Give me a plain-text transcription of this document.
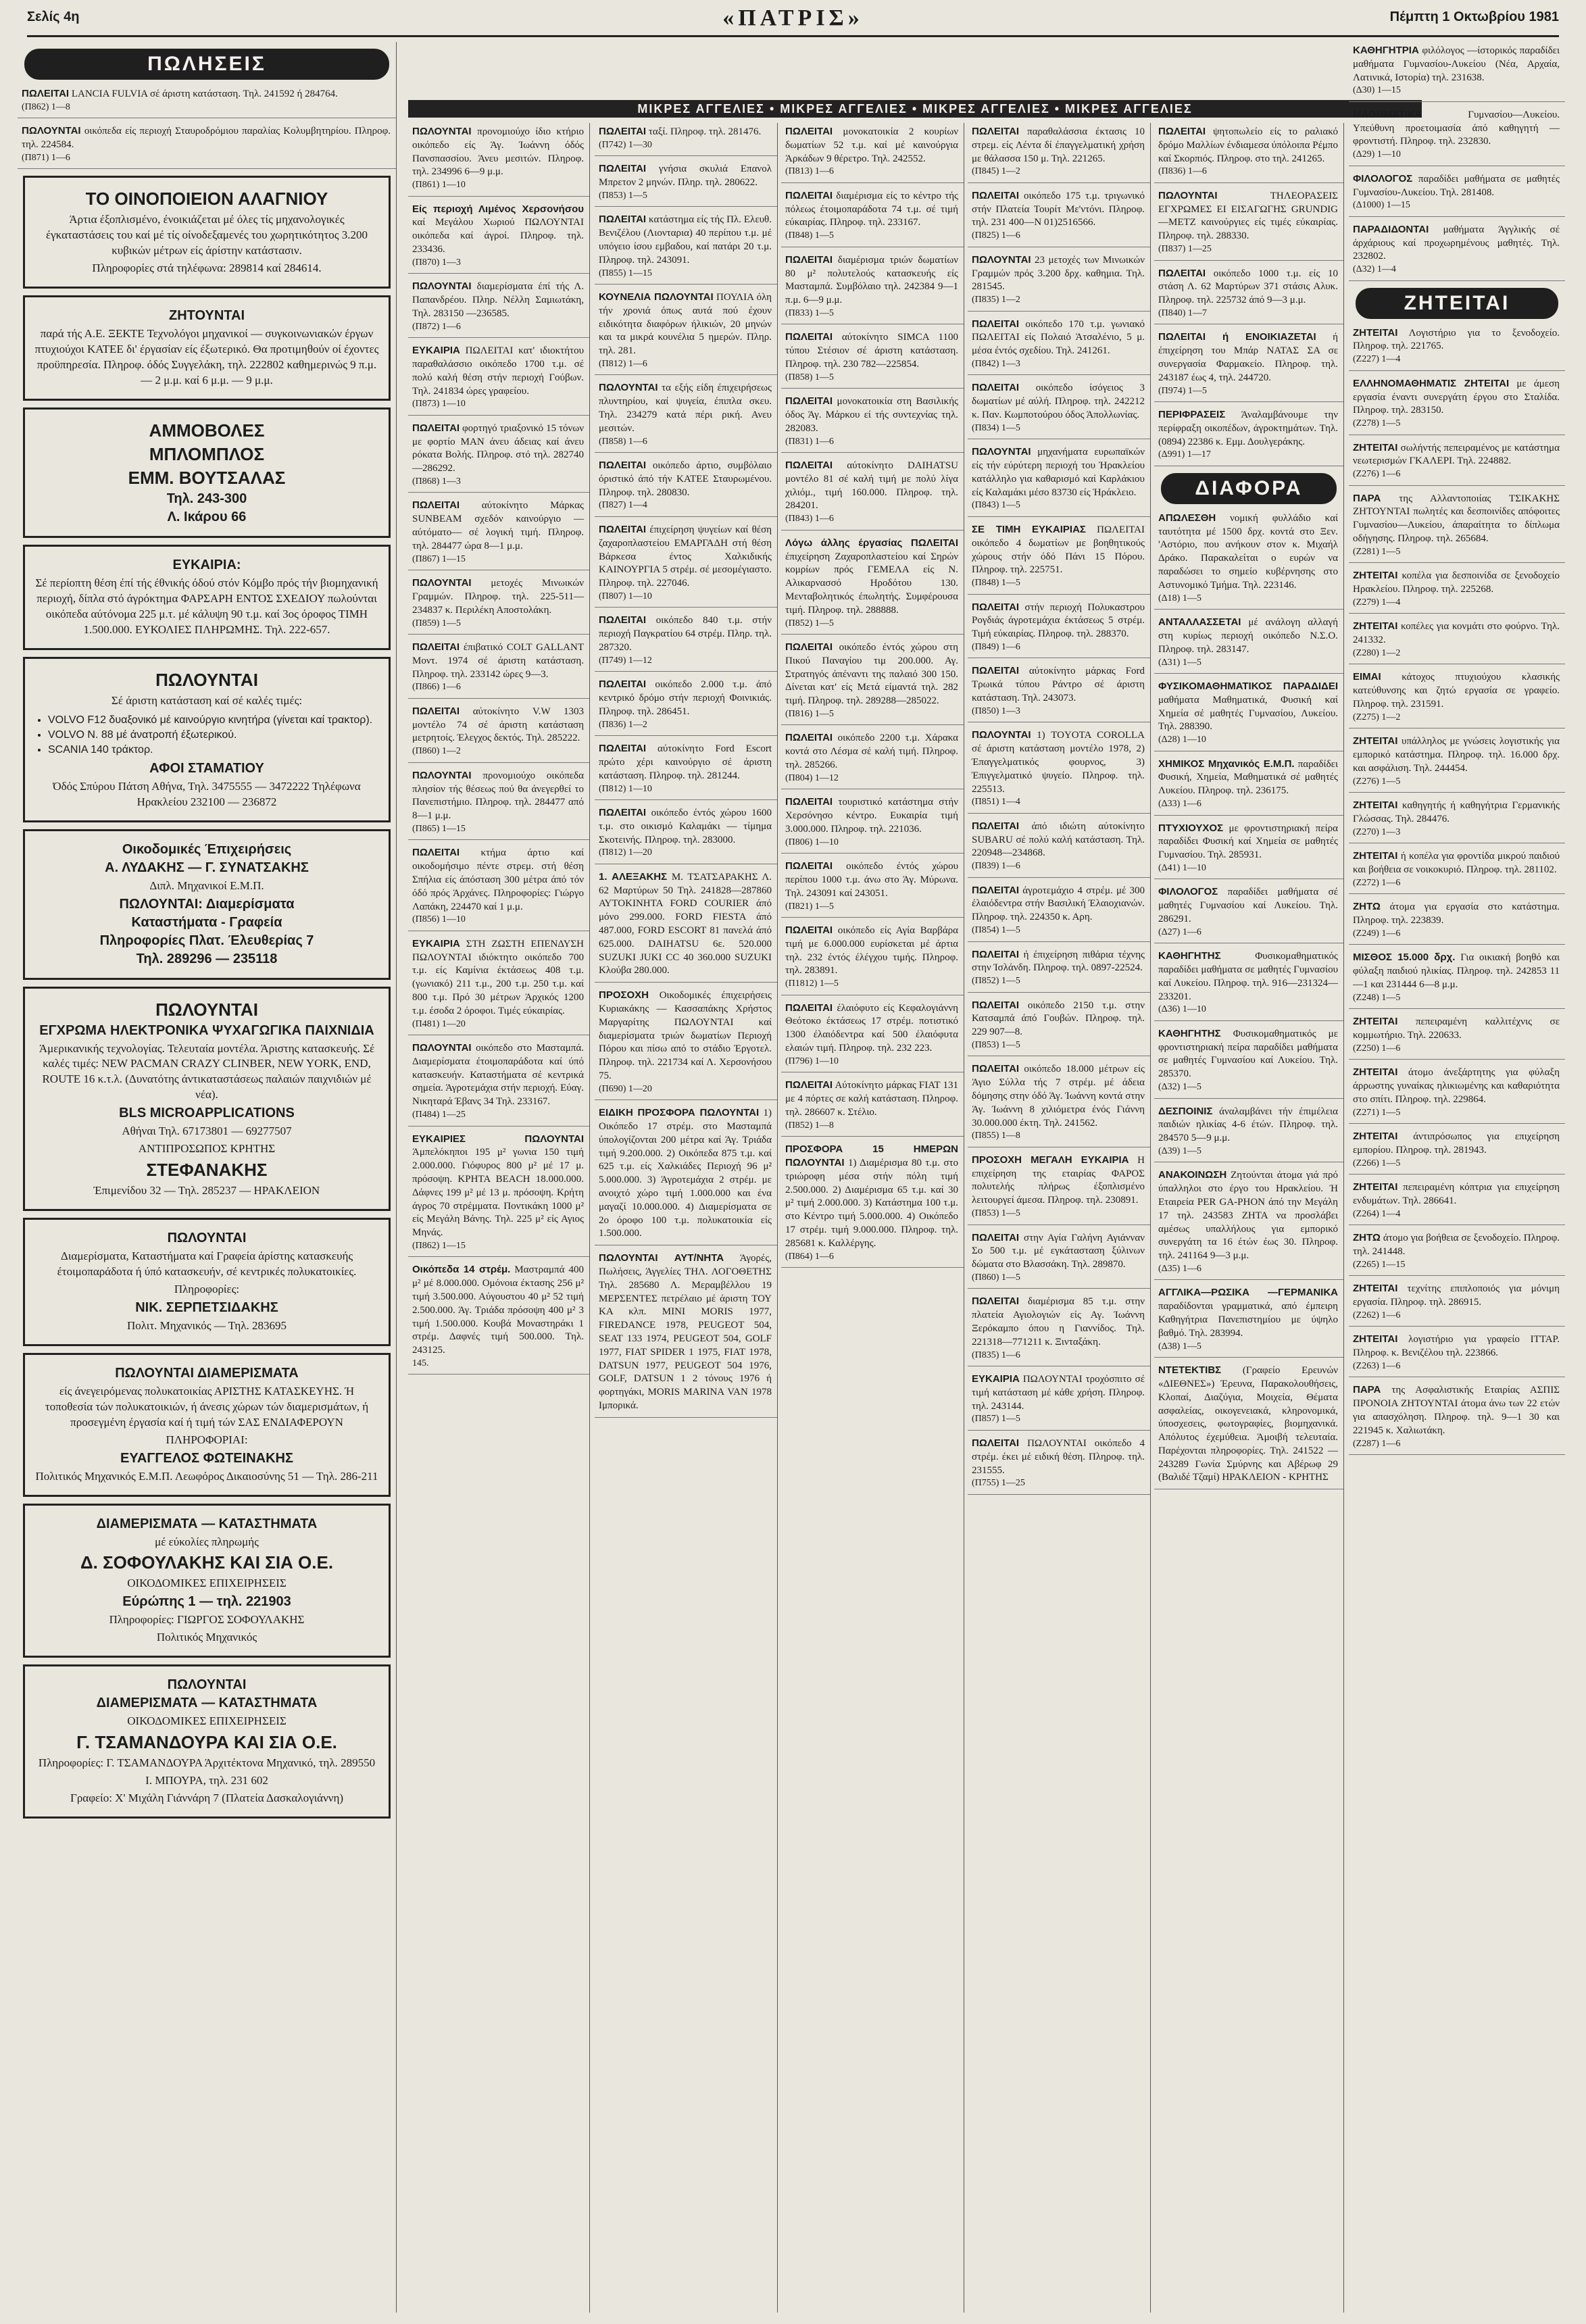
Σελίς 4η	«ΠΑΤΡΙΣ»	Πέμπτη 1 Οκτωβρίου 1981
ΠΩΛΗΣΕΙΣ
ΠΩΛΕΙΤΑΙ LANCIA FULVIA σέ άριστη κατάσταση. Τηλ. 241592 ή 284764.
(Π862) 1—8
ΠΩΛΟΥΝΤΑΙ οικόπεδα είς περιοχή Σταυροδρόμιου παραλίας Κολυμβητηρίου. Πληροφ. τηλ. 224584.
(Π871) 1—6
ΤΟ ΟΙΝΟΠΟΙΕΙΟΝ ΑΛΑΓΝΙΟΥ
Άρτια έξοπλισμένο, ένοικιάζεται μέ όλες τίς μηχανολογικές έγκαταστάσεις του καί μέ τίς οίνοδεξαμενές του χωρητικότητος 3.200 κυβικών μέτρων είς άρίστην κατάστασιν.
Πληροφορίες στά τηλέφωνα: 289814 καί 284614.
ΖΗΤΟΥΝΤΑΙ
παρά τής Α.Ε. ΞΕΚΤΕ Τεχνολόγοι μηχανικοί — συγκοινωνιακών έργων πτυχιούχοι ΚΑΤΕΕ δι' έργασίαν είς έξωτερικό. Θα προτιμηθούν οί έχοντες προϋπηρεσία. Πληροφ. όδός Συγγελάκη, τηλ. 222802 καθημερινώς 9 π.μ. — 2 μ.μ. καί 6 μ.μ. — 9 μ.μ.
ΑΜΜΟΒΟΛΕΣ
ΜΠΛΟΜΠΛΟΣ
ΕΜΜ. ΒΟΥΤΣΑΛΑΣ
Τηλ. 243-300
Λ. Ικάρου 66
ΕΥΚΑΙΡΙΑ:
Σέ περίοπτη θέση έπί τής έθνικής όδού στόν Κόμβο πρός τήν βιομηχανική περιοχή, δίπλα στό άγρόκτημα ΦΑΡΣΑΡΗ ΕΝΤΟΣ ΣΧΕΔΙΟΥ πωλούνται οικόπεδα αύτόνομα 225 μ.τ. μέ κάλυψη 90 τ.μ. καί 3ος όροφος ΤΙΜΗ 1.500.000. ΕΥΚΟΛΙΕΣ ΠΛΗΡΩΜΗΣ. Τηλ. 222-657.
ΠΩΛΟΥΝΤΑΙ
Σέ άριστη κατάσταση καί σέ καλές τιμές:
• VOLVO F12 δυαξονικό μέ καινούργιο κινητήρα (γίνεται καί τρακτορ).
• VOLVO N. 88 μέ άνατροπή έξωτερικού.
• SCANIA 140 τράκτορ.
ΑΦΟΙ ΣΤΑΜΑΤΙΟΥ
Όδός Σπύρου Πάτση Αθήνα, Τηλ. 3475555 — 3472222 Τηλέφωνα Ηρακλείου 232100 — 236872
Οικοδομικές Έπιχειρήσεις
Α. ΛΥΔΑΚΗΣ — Γ. ΣΥΝΑΤΣΑΚΗΣ
Διπλ. Μηχανικοί Ε.Μ.Π.
ΠΩΛΟΥΝΤΑΙ: Διαμερίσματα
Καταστήματα - Γραφεία
Πληροφορίες Πλατ. Έλευθερίας 7
Τηλ. 289296 — 235118
ΠΩΛΟΥΝΤΑΙ
ΕΓΧΡΩΜΑ ΗΛΕΚΤΡΟΝΙΚΑ ΨΥΧΑΓΩΓΙΚΑ ΠΑΙΧΝΙΔΙΑ
Άμερικανικής τεχνολογίας. Τελευταία μοντέλα. Άριστης κατασκευής. Σέ καλές τιμές: NEW PACMAN CRAZY CLINBER, NEW YORK, END, ROUTE 16 κ.τ.λ. (Δυνατότης άντικαταστάσεως παλαιών παιχνιδιών μέ νέα).
BLS MICROAPPLICATIONS
Αθήναι Τηλ. 67173801 — 69277507
ΑΝΤΙΠΡΟΣΩΠΟΣ ΚΡΗΤΗΣ
ΣΤΕΦΑΝΑΚΗΣ
Έπιμενίδου 32 — Τηλ. 285237 — ΗΡΑΚΛΕΙΟΝ
ΠΩΛΟΥΝΤΑΙ
Διαμερίσματα, Καταστήματα καί Γραφεία άρίστης κατασκευής έτοιμοπαράδοτα ή ύπό κατασκευήν, σέ κεντρικές πολυκατοικίες.
Πληροφορίες:
ΝΙΚ. ΣΕΡΠΕΤΣΙΔΑΚΗΣ
Πολιτ. Μηχανικός — Τηλ. 283695
ΠΩΛΟΥΝΤΑΙ ΔΙΑΜΕΡΙΣΜΑΤΑ
είς άνεγειρόμενας πολυκατοικίας ΑΡΙΣΤΗΣ ΚΑΤΑΣΚΕΥΗΣ. Ή τοποθεσία τών πολυκατοικιών, ή άνεσις χώρων τών διαμερισμάτων, ή προσεγμένη έργασία καί ή τιμή τών ΣΑΣ ΕΝΔΙΑΦΕΡΟΥΝ
ΠΛΗΡΟΦΟΡΙΑΙ:
ΕΥΑΓΓΕΛΟΣ ΦΩΤΕΙΝΑΚΗΣ
Πολιτικός Μηχανικός Ε.Μ.Π. Λεωφόρος Δικαιοσύνης 51 — Τηλ. 286-211
ΔΙΑΜΕΡΙΣΜΑΤΑ — ΚΑΤΑΣΤΗΜΑΤΑ
μέ εύκολίες πληρωμής
Δ. ΣΟΦΟΥΛΑΚΗΣ ΚΑΙ ΣΙΑ Ο.Ε.
ΟΙΚΟΔΟΜΙΚΕΣ ΕΠΙΧΕΙΡΗΣΕΙΣ
Εύρώπης 1 — τηλ. 221903
Πληροφορίες: ΓΙΩΡΓΟΣ ΣΟΦΟΥΛΑΚΗΣ
Πολιτικός Μηχανικός
ΠΩΛΟΥΝΤΑΙ
ΔΙΑΜΕΡΙΣΜΑΤΑ — ΚΑΤΑΣΤΗΜΑΤΑ
ΟΙΚΟΔΟΜΙΚΕΣ ΕΠΙΧΕΙΡΗΣΕΙΣ
Γ. ΤΣΑΜΑΝΔΟΥΡΑ ΚΑΙ ΣΙΑ Ο.Ε.
Πληροφορίες: Γ. ΤΣΑΜΑΝΔΟΥΡΑ Άρχιτέκτονα Μηχανικό, τηλ. 289550
Ι. ΜΠΟΥΡΑ, τηλ. 231 602
Γραφείο: Χ' Μιχάλη Γιάννάρη 7 (Πλατεία Δασκαλογιάννη)
ΜΙΚΡΕΣ ΑΓΓΕΛΙΕΣ • ΜΙΚΡΕΣ ΑΓΓΕΛΙΕΣ • ΜΙΚΡΕΣ ΑΓΓΕΛΙΕΣ • ΜΙΚΡΕΣ ΑΓΓΕΛΙΕΣ
ΠΩΛΟΥΝΤΑΙ προνομιούχο ίδιο κτήριο οικόπεδο είς Άγ. Ίωάννη όδός Πανσπασσίου. Άνευ μεσιτών. Πληροφ. τηλ. 234996 6—9 μ.μ.
(Π861) 1—10
Είς περιοχή Λιμένος Χερσονήσου καί Μεγάλου Χωριού ΠΩΛΟΥΝΤΑΙ οικόπεδα καί άγροί. Πληροφ. τηλ. 233436.
(Π870) 1—3
ΠΩΛΟΥΝΤΑΙ διαμερίσματα έπί τής Λ. Παπανδρέου. Πληρ. Νέλλη Σαμιωτάκη, Τηλ. 283150 —236585.
(Π872) 1—6
ΕΥΚΑΙΡΙΑ ΠΩΛΕΙΤΑΙ κατ' ιδιοκτήτου παραθαλάσσιο οικόπεδο 1700 τ.μ. σέ πολύ καλή θέση στήν περιοχή Γούβων. Τηλ. 241834 ώρες γραφείου.
(Π873) 1—10
ΠΩΛΕΙΤΑΙ φορτηγό τριαξονικό 15 τόνων με φορτίο MAN άνευ άδειας καί άνευ ρόκατα Βολής. Πληροφ. στό τηλ. 282740 —286292.
(Π868) 1—3
ΠΩΛΕΙΤΑΙ αύτοκίνητο Μάρκας SUNBEAM σχεδόν καινούργιο —αύτόματο— σέ λογική τιμή. Πληροφ. τηλ. 284477 ώρα 8—1 μ.μ.
(Π867) 1—15
ΠΩΛΟΥΝΤΑΙ μετοχές Μινωικών Γραμμών. Πληροφ. τηλ. 225-511—234837 κ. Περιλέκη Αποστολάκη.
(Π859) 1—5
ΠΩΛΕΙΤΑΙ έπιβατικό COLT GALLANT Μοντ. 1974 σέ άριστη κατάσταση. Πληροφ. τηλ. 233142 ώρες 9—3.
(Π866) 1—6
ΠΩΛΕΙΤΑΙ αύτοκίνητο V.W 1303 μοντέλο 74 σέ άριστη κατάσταση μετρητοίς. Έλεγχος δεκτός. Τηλ. 285222.
(Π860) 1—2
ΠΩΛΟΥΝΤΑΙ προνομιούχο οικόπεδα πλησίον τής θέσεως πού θα άνεγερθεί το Πανεπιστήμιο. Πληροφ. τηλ. 284477 από 8—1 μ.μ.
(Π865) 1—15
ΠΩΛΕΙΤΑΙ κτήμα άρτιο καί οικοδομήσιμο πέντε στρεμ. στή θέση Σπήλια είς άπόσταση 300 μέτρα άπό τόν όδό πρός Άρχάνες. Πληροφορίες: Γιώργο Λαπάκη, 224470 καί 1 μ.μ.
(Π856) 1—10
ΕΥΚΑΙΡΙΑ ΣΤΗ ΖΩΣΤΗ ΕΠΕΝΔΥΣΗ ΠΩΛΟΥΝΤΑΙ ιδιόκτητο οικόπεδο 700 τ.μ. είς Καμίνια έκτάσεως 408 τ.μ. (γωνιακό) 211 τ.μ., 200 τ.μ. 250 τ.μ. καί 800 τ.μ. Πρό 30 μέτρων Άρχικός 1200 τ.μ. έσοδα 2 όροφοι. Τιμές εύκαιρίας.
(Π481) 1—20
ΠΩΛΟΥΝΤΑΙ οικόπεδο στο Μασταμπά. Διαμερίσματα έτοιμοπαράδοτα καί ύπό κατασκευήν. Καταστήματα σέ κεντρικά σημεία. Άγροτεμάχια στήν περιοχή. Εύαγ. Νικηταρά Έβανς 34 Τηλ. 233167.
(Π484) 1—25
ΕΥΚΑΙΡΙΕΣ ΠΩΛΟΥΝΤΑΙ Άμπελόκηποι 195 μ² γωνια 150 τιμή 2.000.000. Γιόφυρος 800 μ² μέ 17 μ. πρόσοψη. ΚΡΗΤΑ BEACH 18.000.000. Δάφνες 199 μ² μέ 13 μ. πρόσοψη. Κρήτη άγρος 70 στρέμματα. Ποντικάκη 1000 μ² είς Μεγάλη Βάνης. Τηλ. 225 μ² είς Αγιος Μηνάς.
(Π862) 1—15
Οικόπεδα 14 στρέμ. Μαστραμπά 400 μ² μέ 8.000.000. Ομόνοια έκτασης 256 μ² τιμή 3.500.000. Αύγουστου 40 μ² 52 τιμή 2.500.000. Άγ. Τριάδα πρόσοψη 400 μ² 3 τιμή 1.500.000. Κουβά Μοναστηράκι 1 στρέμ. Δαφνές τιμή 500.000. Τηλ. 243125.
145.
ΠΩΛΕΙΤΑΙ ταξί. Πληροφ. τηλ. 281476.
(Π742) 1—30
ΠΩΛΕΙΤΑΙ γνήσια σκυλιά Επανολ Μπρετον 2 μηνών. Πληρ. τηλ. 280622.
(Π853) 1—5
ΠΩΛΕΙΤΑΙ κατάστημα είς τής Πλ. Ελευθ. Βενιζέλου (Λιονταρια) 40 περίπου τ.μ. μέ υπόγειο ίσου εμβαδου, καί πατάρι 20 τ.μ. Πληροφ. τηλ. 243091.
(Π855) 1—15
ΚΟΥΝΕΛΙΑ ΠΩΛΟΥΝΤΑΙ ΠΟΥΛΙΑ όλη τήν χρονιά όπως αυτά πού έχουν ειδικότητα διαφόρων ήλικιών, 20 μηνών και τα μικρά κουνέλια 5 ημερών. Πληρ. τηλ. 281.
(Π812) 1—6
ΠΩΛΟΥΝΤΑΙ τα εξής είδη έπιχειρήσεως πλυντηρίου, καί ψυγεία, έπιπλα σκευ. Τηλ. 234279 κατά πέρι ρική. Ανευ μεσιτών.
(Π858) 1—6
ΠΩΛΕΙΤΑΙ οικόπεδο άρτιο, συμβόλαιο όριστικό άπό τήν ΚΑΤΕΕ Σταυρωμένου. Πληροφ. τηλ. 280830.
(Π827) 1—4
ΠΩΛΕΙΤΑΙ έπιχείρηση ψυγείων καί θέση ζαχαροπλαστείου ΕΜΑΡΓΑΔΗ στή θέση Βάρκεσα έντος Χαλκιδικής ΚΑΙΝΟΥΡΓΙΑ 5 στρέμ. σέ μεσομέγιαστο. Πληροφ. τηλ. 227046.
(Π807) 1—10
ΠΩΛΕΙΤΑΙ οικόπεδο 840 τ.μ. στήν περιοχή Παγκρατίου 64 στρέμ. Πληρ. τηλ. 287320.
(Π749) 1—12
ΠΩΛΕΙΤΑΙ οικόπεδο 2.000 τ.μ. άπό κεντρικό δρόμο στήν περιοχή Φοινικιάς. Πληροφ. τηλ. 286451.
(Π836) 1—2
ΠΩΛΕΙΤΑΙ αύτοκίνητο Ford Escort πρώτο χέρι καινούργιο σέ άριστη κατάσταση. Πληροφ. τηλ. 281244.
(Π812) 1—10
ΠΩΛΕΙΤΑΙ οικόπεδο έντός χώρου 1600 τ.μ. στο οικισμό Καλαμάκι — τίμημα Σκοτεινής. Πληροφ. τηλ. 283000.
(Π812) 1—20
1. ΑΛΕΞΑΚΗΣ Μ. ΤΣΑΤΣΑΡΑΚΗΣ Λ. 62 Μαρτύρων 50 Τηλ. 241828—287860 ΑΥΤΟΚΙΝΗΤΑ FORD COURIER άπό μόνο 299.000. FORD FIESTA άπό 487.000, FORD ESCORT 81 πανελά άπό 625.000. DAIHATSU 6ε. 520.000 SUZUKI JUKI CC 40 360.000 SUZUKI Κλούβα 280.000.
ΠΡΟΣΟΧΗ Οικοδομικές έπιχειρήσεις Κυριακάκης — Κασσαπάκης Χρήστος Μαργαρίτης ΠΩΛΟΥΝΤΑΙ καί διαμερίσματα τριών δωματίων Περιοχή Πόρου και πίσω από το στάδιο Έργοτελ. Πληροφ. τηλ. 221734 καί Λ. Χερσονήσου 75.
(Π690) 1—20
ΕΙΔΙΚΗ ΠΡΟΣΦΟΡΑ ΠΩΛΟΥΝΤΑΙ 1) Οικόπεδο 17 στρέμ. στο Μασταμπά ύπολογίζονται 200 μέτρα καί Άγ. Τριάδα τιμή 9.200.000. 2) Οικόπεδα 875 τ.μ. καί 625 τ.μ. είς Χαλκιάδες Περιοχή 96 μ² 5.000.000. 3) Άγροτεμάχια 2 στρέμ. με ανοιχτό χώρο τιμή 1.000.000 και ένα μαγαζί 10.000.000. 4) Διαμερίσματα σε 2ο όροφο 100 τ.μ. πολυκατοικία είς 1.500.000.
ΠΩΛΟΥΝΤΑΙ ΑΥΤ/ΝΗΤΑ Άγορές, Πωλήσεις, Άγγελίες ΤΗΛ. ΛΟΓΟΘΕΤΗΣ Τηλ. 285680 Λ. Μεραμβέλλου 19 ΜΕΡΣΕΝΤΕΣ πετρέλαιο μέ άριστη ΤΟΥ ΚΑ κλπ. ΜΙΝΙ MORIS 1977, FIREDANCE 1978, PEUGEOT 504, SEAT 133 1974, PEUGEOT 504, GOLF 1977, FIAT SPIDER 1 1975, FIAT 1978, DATSUN 1977, PEUGEOT 504 1976, GOLF, DATSUN 1 2 τόνους 1976 ή φορτηγάκι, MORIS MARINA VAN 1978 Ιμπορικά.
ΠΩΛΕΙΤΑΙ μονοκατοικία 2 κουρίων δωματίων 52 τ.μ. καί μέ καινούργια Άρκάδων 9 θέρετρο. Τηλ. 242552.
(Π813) 1—6
ΠΩΛΕΙΤΑΙ διαμέρισμα είς το κέντρο τής πόλεως έτοιμοπαράδοτα 74 τ.μ. σέ τιμή εύκαιρίας. Πληροφ. τηλ. 233167.
(Π848) 1—5
ΠΩΛΕΙΤΑΙ διαμέρισμα τριών δωματίων 80 μ² πολυτελούς κατασκευής είς Μασταμπά. Συμβόλαιο τηλ. 242384 9—1 π.μ. 6—9 μ.μ.
(Π833) 1—5
ΠΩΛΕΙΤΑΙ αύτοκίνητο SIMCA 1100 τύπου Στέσιον σέ άριστη κατάσταση. Πληροφ. τηλ. 230 782—225854.
(Π858) 1—5
ΠΩΛΕΙΤΑΙ μονοκατοικία στη Βασιλικής όδος Άγ. Μάρκου εί τής συντεχνίας τηλ. 282083.
(Π831) 1—6
ΠΩΛΕΙΤΑΙ αύτοκίνητο DAIHATSU μοντέλο 81 σέ καλή τιμή με πολύ λίγα χιλιόμ., τιμή 160.000. Πληροφ. τηλ. 284201.
(Π843) 1—6
Λόγω άλλης έργασίας ΠΩΛΕΙΤΑΙ έπιχείρηση Ζαχαροπλαστείου καί Σηρών κομρίων πρός ΓΕΜΕΛΑ είς Ν. Αλικαρνασσό Ηροδότου 130. Μενταβολητικός έπωλητής. Συμφέρουσα τιμή. Πληροφ. τηλ. 288888.
(Π852) 1—5
ΠΩΛΕΙΤΑΙ οικόπεδο έντός χώρου στη Πικού Παναγίου τιμ 200.000. Αγ. Στρατηγός άπέναντι της παλαιό 300 150. Δίνεται κατ' είς Μετά είμαντά τηλ. 282 τιμή. Πληροφ. τηλ. 289288—285022.
(Π816) 1—5
ΠΩΛΕΙΤΑΙ οικόπεδο 2200 τ.μ. Χάρακα κοντά στο Λέσμα σέ καλή τιμή. Πληροφ. τηλ. 285266.
(Π804) 1—12
ΠΩΛΕΙΤΑΙ τουριστικό κατάστημα στήν Χερσόνησο κέντρο. Ευκαιρία τιμή 3.000.000. Πληροφ. τηλ. 221036.
(Π806) 1—10
ΠΩΛΕΙΤΑΙ οικόπεδο έντός χώρου περίπου 1000 τ.μ. άνω στο Άγ. Μύρωνα. Τηλ. 243091 καί 243051.
(Π821) 1—5
ΠΩΛΕΙΤΑΙ οικόπεδο είς Αγία Βαρβάρα τιμή με 6.000.000 ευρίσκεται μέ άρτια τηλ. 232 έντός έλέγχου τιμής. Πληροφ. τηλ. 283891.
(Π1812) 1—5
ΠΩΛΕΙΤΑΙ έλαιόφυτο είς Κεφαλογιάννη Θεότοκο έκτάσεως 17 στρέμ. ποτιστικό 1300 έλαιόδεντρα καί 500 έλαιόφυτα ελαιών τιμή. Πληροφ. τηλ. 232 223.
(Π796) 1—10
ΠΩΛΕΙΤΑΙ Αύτοκίνητο μάρκας FIAT 131 με 4 πόρτες σε καλή κατάσταση. Πληροφ. τηλ. 286607 κ. Στέλιο.
(Π852) 1—8
ΠΡΟΣΦΟΡΑ 15 ΗΜΕΡΩΝ ΠΩΛΟΥΝΤΑΙ 1) Διαμέρισμα 80 τ.μ. στο τριώροφη μέσα στήν πόλη τιμή 2.500.000. 2) Διαμέρισμα 65 τ.μ. καί 30 μ² τιμή 2.000.000. 3) Κατάστημα 100 τ.μ. στο Κέντρο τιμή 5.000.000. 4) Οικόπεδο 17 στρέμ. τιμή 9.000.000. Πληροφ. τηλ. 285681 κ. Καλλέργης.
(Π864) 1—6
ΠΩΛΕΙΤΑΙ παραθαλάσσια έκτασις 10 στρεμ. είς Λέντα δί έπαγγελματική χρήση με θάλασσα 150 μ. Τηλ. 221265.
(Π845) 1—2
ΠΩΛΕΙΤΑΙ οικόπεδο 175 τ.μ. τριγωνικό στήν Πλατεία Τουρίτ Με'ντόνι. Πληροφ. τηλ. 231 400—Ν 01)2516566.
(Π825) 1—6
ΠΩΛΟΥΝΤΑΙ 23 μετοχές των Μινωικών Γραμμών πρός 3.200 δρχ. καθημια. Τηλ. 281545.
(Π835) 1—2
ΠΩΛΕΙΤΑΙ οικόπεδο 170 τ.μ. γωνιακό ΠΩΛΕΙΤΑΙ είς Πολαιό Άτσαλένιο, 5 μ. μέσα έντός σχεδίου. Τηλ. 241261.
(Π842) 1—3
ΠΩΛΕΙΤΑΙ οικόπεδο ίσόγειος 3 δωματίων μέ αύλή. Πληροφ. τηλ. 242212 κ. Παν. Κωμποτούρου όδος Άπολλωνίας.
(Π834) 1—5
ΠΩΛΟΥΝΤΑΙ μηχανήματα ευρωπαϊκών είς τήν εύρύτερη περιοχή του Ήρακλείου κατάλληλο για καθαρισμό καί Καρλάκιου είς Καλαμάκι μέσο 83730 είς Ήράκλειο.
(Π843) 1—5
ΣΕ ΤΙΜΗ ΕΥΚΑΙΡΙΑΣ ΠΩΛΕΙΤΑΙ οικόπεδο 4 δωματίων με βοηθητικούς χώρους στήν όδό Πάνι 15 Πόρου. Πληροφ. τηλ. 225751.
(Π848) 1—5
ΠΩΛΕΙΤΑΙ στήν περιοχή Πολυκαστρου Ρογδιάς άγροτεμάχια έκτάσεως 5 στρέμ. Τιμή εύκαιρίας. Πληροφ. τηλ. 288370.
(Π849) 1—6
ΠΩΛΕΙΤΑΙ αύτοκίνητο μάρκας Ford Τρωικά τύπου Ράντρο σέ άριστη κατάσταση. Τηλ. 243073.
(Π850) 1—3
ΠΩΛΟΥΝΤΑΙ 1) TOYOTA COROLLA σέ άριστη κατάσταση μοντέλο 1978, 2) Έπαγγελματικός φουρνος, 3) Έπιγγελματικό ψυγείο. Πληροφ. τηλ. 225513.
(Π851) 1—4
ΠΩΛΕΙΤΑΙ άπό ιδιώτη αύτοκίνητο SUBARU σέ πολύ καλή κατάσταση. Τηλ. 220948—234868.
(Π839) 1—6
ΠΩΛΕΙΤΑΙ άγροτεμάχιο 4 στρέμ. μέ 300 έλαιόδεντρα στήν Βασιλική Έλαιοχιανών. Πληροφ. τηλ. 224350 κ. Αρη.
(Π854) 1—5
ΠΩΛΕΙΤΑΙ ή έπιχείρηση πιθάρια τέχνης στην Ίσλάνδη. Πληροφ. τηλ. 0897-22524.
(Π852) 1—5
ΠΩΛΕΙΤΑΙ οικόπεδο 2150 τ.μ. στην Κατσαμπά άπό Γουβών. Πληροφ. τηλ. 229 907—8.
(Π853) 1—5
ΠΩΛΕΙΤΑΙ οικόπεδο 18.000 μέτρων είς Άγιο Σύλλα τής 7 στρέμ. μέ άδεια δόμησης στην όδό Άγ. Ίωάννη κοντά στην Άγ. Ίωάννη 8 χιλιόμετρα ένός Γιάννη 30.000.000 έκτη. Τηλ. 241562.
(Π855) 1—8
ΠΡΟΣΟΧΗ ΜΕΓΑΛΗ ΕΥΚΑΙΡΙΑ Η επιχείρηση της εταιρίας ΦΑΡΟΣ πολυτελής πλήρως έξοπλισμένο λειτουργεί άμεσα. Πληροφ. τηλ. 230891.
(Π853) 1—5
ΠΩΛΕΙΤΑΙ στην Αγία Γαλήνη Αγιάνναν Σο 500 τ.μ. μέ εγκάτασταση ξύλινων δώματα στο Βλασσάκη. Τηλ. 289870.
(Π860) 1—5
ΠΩΛΕΙΤΑΙ διαμέρισμα 85 τ.μ. στην πλατεία Αγιολογιών είς Αγ. Ίωάννη Ξερόκαμπο όπου η Γιαννίδος. Τηλ. 221318—771211 κ. Ξινταξάκη.
(Π835) 1—6
ΕΥΚΑΙΡΙΑ ΠΩΛΟΥΝΤΑΙ τροχόσπιτο σέ τιμή κατάσταση μέ κάθε χρήση. Πληροφ. τηλ. 243144.
(Π857) 1—5
ΠΩΛΕΙΤΑΙ ΠΩΛΟΥΝΤΑΙ οικόπεδο 4 στρέμ. έκει μέ ειδική θέση. Πληροφ. τηλ. 231555.
(Π755) 1—25
ΠΩΛΕΙΤΑΙ ψητοπωλείο είς το ραλιακό δρόμο Μαλλίων ένδιαμεσα ύπόλοιπα Ρέμπο καί Σκορπιός. Πληροφ. στο τηλ. 241265.
(Π836) 1—6
ΠΩΛΟΥΝΤΑΙ ΤΗΛΕΟΡΑΣΕΙΣ ΕΓΧΡΩΜΕΣ ΕΙ ΕΙΣΑΓΩΓΗΣ GRUNDIG —METZ καινούργιες είς τιμές εύκαιρίας. Πληροφ. τηλ. 288330.
(Π837) 1—25
ΠΩΛΕΙΤΑΙ οικόπεδο 1000 τ.μ. είς 10 στάση Λ. 62 Μαρτύρων 371 στάσις Αλυκ. Πληροφ. τηλ. 225732 άπό 9—3 μ.μ.
(Π840) 1—7
ΠΩΛΕΙΤΑΙ ή ΕΝΟΙΚΙΑΖΕΤΑΙ ή έπιχείρηση του Μπάρ ΝΑΤΑΣ ΣΑ σε συνεργασία Φαρμακείο. Πληροφ. τηλ. 243187 έως 4, τηλ. 244720.
(Π974) 1—5
ΠΕΡΙΦΡΑΣΕΙΣ Άναλαμβάνουμε την περίφραξη οικοπέδων, άγροκτημάτων. Τηλ. (0894) 22386 κ. Εμμ. Δουλγεράκης.
(Δ991) 1—17
ΔΙΑΦΟΡΑ
ΑΠΩΛΕΣΘΗ νομική φυλλάδιο καί ταυτότητα μέ 1500 δρχ. κοντά στο Ξεν. 'Αστόριο, που ανήκουν στον κ. Μιχαήλ Δράκο. Παρακαλείται ο ευρών να παραδώσει το σημείο κυβέρνησης στο Αστυνομικό Τμήμα. Τηλ. 223146.
(Δ18) 1—5
ΑΝΤΑΛΛΑΣΣΕΤΑΙ μέ ανάλογη αλλαγή στη κυρίως περιοχή οικόπεδο Ν.Σ.Ο. Πληροφ. τηλ. 283147.
(Δ31) 1—5
ΦΥΣΙΚΟΜΑΘΗΜΑΤΙΚΟΣ ΠΑΡΑΔΙΔΕΙ μαθήματα Μαθηματικά, Φυσική καί Χημεία σέ μαθητές Γυμνασίου, Λυκείου. Τηλ. 288390.
(Δ28) 1—10
ΧΗΜΙΚΟΣ Μηχανικός Ε.Μ.Π. παραδίδει Φυσική, Χημεία, Μαθηματικά σέ μαθητές Λυκείου. Πληροφ. τηλ. 236175.
(Δ33) 1—6
ΠΤΥΧΙΟΥΧΟΣ με φροντιστηριακή πείρα παραδίδει Φυσική καί Χημεία σε μαθητές Γυμνασίου. Τηλ. 285931.
(Δ41) 1—10
ΦΙΛΟΛΟΓΟΣ παραδίδει μαθήματα σέ μαθητές Γυμνασίου καί Λυκείου. Τηλ. 286291.
(Δ27) 1—6
ΚΑΘΗΓΗΤΗΣ Φυσικομαθηματικός παραδίδει μαθήματα σε μαθητές Γυμνασίου καί Λυκείου. Πληροφ. τηλ. 916—231324—233201.
(Δ36) 1—10
ΚΑΘΗΓΗΤΗΣ Φυσικομαθηματικός με φροντιστηριακή πείρα παραδίδει μαθήματα σε μαθητές Γυμνασίου καί Λυκείου. Τηλ. 285370.
(Δ32) 1—5
ΔΕΣΠΟΙΝΙΣ άναλαμβάνει τήν έπιμέλεια παιδιών ηλικίας 4-6 έτών. Πληροφ. τηλ. 284570 5—9 μ.μ.
(Δ39) 1—5
ΑΝΑΚΟΙΝΩΣΗ Ζητούνται άτομα γιά πρό ύπαλληλοι στο έργο του Ηρακλείου. Ή Εταιρεία PER GA-PHON άπό την Μεγάλη 17 τηλ. 243583 ΖΗΤΑ να προσλάβει αμέσως υπαλλήλους για εμπορικό συνεργάτη τα 16 έτών έως 30. Πληροφ. τηλ. 241164 9—3 μ.μ.
(Δ35) 1—6
ΑΓΓΛΙΚΑ—ΡΩΣΙΚΑ —ΓΕΡΜΑΝΙΚΑ παραδίδονται γραμματικά, από έμπειρη Καθηγήτρια Πανεπιστημίου με ύψηλο βαθμό. Τηλ. 283994.
(Δ38) 1—5
ΝΤΕΤΕΚΤΙΒΣ (Γραφείο Ερευνών «ΔΙΕΘΝΕΣ») Έρευνα, Παρακολουθήσεις, Κλοπαί, Διαζύγια, Μοιχεία, Θέματα ασφαλείας, οικογενειακά, κληρονομικά, ύποσχεσεις, φωτογραφίες, βιομηχανικά. Απόλυτος έχεμύθεια. Άμοιβή τελευταία. Παρέχονται πληροφορίες. Τηλ. 241522 — 243289 Γωνία Σμύρνης και Αβέρωφ 29 (Βαλιδέ Τζαμί) ΗΡΑΚΛΕΙΟΝ - ΚΡΗΤΗΣ
ΚΑΘΗΓΗΤΡΙΑ φιλόλογος —ίστορικός παραδίδει μαθήματα Γυμνασίου-Λυκείου (Νέα, Αρχαία, Λατινικά, Ιστορία) τηλ. 231638.
(Δ30) 1—15
ΜΑΘΗΜΑΤΙΚΑ Γυμνασίου—Λυκείου. Υπεύθυνη προετοιμασία άπό καθηγητή — φροντιστή. Πληροφ. τηλ. 232830.
(Δ29) 1—10
ΦΙΛΟΛΟΓΟΣ παραδίδει μαθήματα σε μαθητές Γυμνασίου-Λυκείου. Τηλ. 281408.
(Δ1000) 1—15
ΠΑΡΑΔΙΔΟΝΤΑΙ μαθήματα Άγγλικής σέ άρχάριους καί προχωρημένους μαθητές. Τηλ. 232802.
(Δ32) 1—4
ΖΗΤΕΙΤΑΙ
ΖΗΤΕΙΤΑΙ Λογιστήριο για το ξενοδοχείο. Πληροφ. τηλ. 221765.
(Z227) 1—4
ΕΛΛΗΝΟΜΑΘΗΜΑΤΙΣ ΖΗΤΕΙΤΑΙ με άμεση εργασία έναντι συνεργάτη έργου στο Σταλίδα. Πληροφ. τηλ. 283150.
(Z278) 1—5
ΖΗΤΕΙΤΑΙ σωλήντής πεπειραμένος με κατάστημα νεωτερισμών ΓΚΑΛΕΡΙ. Τηλ. 224882.
(Z276) 1—6
ΠΑΡΑ της Αλλαντοποιίας ΤΣΙΚΑΚΗΣ ΖΗΤΟΥΝΤΑΙ πωλητές και δεσποινίδες απόφοιτες Γυμνασίου—Λυκείου, άπαραίτητα το δίπλωμα οδήγησης. Πληροφ. τηλ. 265684.
(Z281) 1—5
ΖΗΤΕΙΤΑΙ κοπέλα για δεσποινίδα σε ξενοδοχείο Ηρακλείου. Πληροφ. τηλ. 225268.
(Z279) 1—4
ΖΗΤΕΙΤΑΙ κοπέλες για κονμάτι στο φούρνο. Τηλ. 241332.
(Z280) 1—2
ΕΙΜΑΙ κάτοχος πτυχιούχου κλασικής κατεύθυνσης και ζητώ εργασία σε γραφείο. Πληροφ. τηλ. 231591.
(Z275) 1—2
ΖΗΤΕΙΤΑΙ υπάλληλος με γνώσεις λογιστικής για εμπορικό κατάστημα. Πληροφ. τηλ. 16.000 δρχ. και ασφάλιση. Τηλ. 244454.
(Z276) 1—5
ΖΗΤΕΙΤΑΙ καθηγητής ή καθηγήτρια Γερμανικής Γλώσσας. Τηλ. 284476.
(Z270) 1—3
ΖΗΤΕΙΤΑΙ ή κοπέλα για φροντίδα μικρού παιδιού και βοήθεια σε νοικοκυριό. Πληροφ. τηλ. 281102.
(Z272) 1—6
ΖΗΤΩ άτομα για εργασία στο κατάστημα. Πληροφ. τηλ. 223839.
(Z249) 1—6
ΜΙΣΘΟΣ 15.000 δρχ. Για οικιακή βοηθό και φύλαξη παιδιού ηλικίας. Πληροφ. τηλ. 242853 11—1 και 231444 6—8 μ.μ.
(Z248) 1—5
ΖΗΤΕΙΤΑΙ πεπειραμένη καλλιτέχνις σε κομμωτήριο. Τηλ. 220633.
(Z250) 1—6
ΖΗΤΕΙΤΑΙ άτομο άνεξάρτητης για φύλαξη άρρωστης γυναίκας ηλικιωμένης και καθαριότητα στο σπίτι. Πληροφ. τηλ. 229864.
(Z271) 1—5
ΖΗΤΕΙΤΑΙ άντιπρόσωπος για επιχείρηση εμπορίου. Πληροφ. τηλ. 281943.
(Z266) 1—5
ΖΗΤΕΙΤΑΙ πεπειραμένη κόπτρια για επιχείρηση ενδυμάτων. Τηλ. 286641.
(Z264) 1—4
ΖΗΤΩ άτομο για βοήθεια σε ξενοδοχείο. Πληροφ. τηλ. 241448.
(Z265) 1—15
ΖΗΤΕΙΤΑΙ τεχνίτης επιπλοποιός για μόνιμη εργασία. Πληροφ. τηλ. 286915.
(Z262) 1—6
ΖΗΤΕΙΤΑΙ λογιστήριο για γραφείο ITTAP. Πληροφ. κ. Βενιζέλου τηλ. 223866.
(Z263) 1—6
ΠΑΡΑ της Ασφαλιστικής Εταιρίας ΑΣΠΙΣ ΠΡΟΝΟΙΑ ΖΗΤΟΥΝΤΑΙ άτομα άνω των 22 ετών για απασχόληση. Πληροφ. τηλ. 9—1 30 και 221945 κ. Χαλιωτάκη.
(Z287) 1—6
